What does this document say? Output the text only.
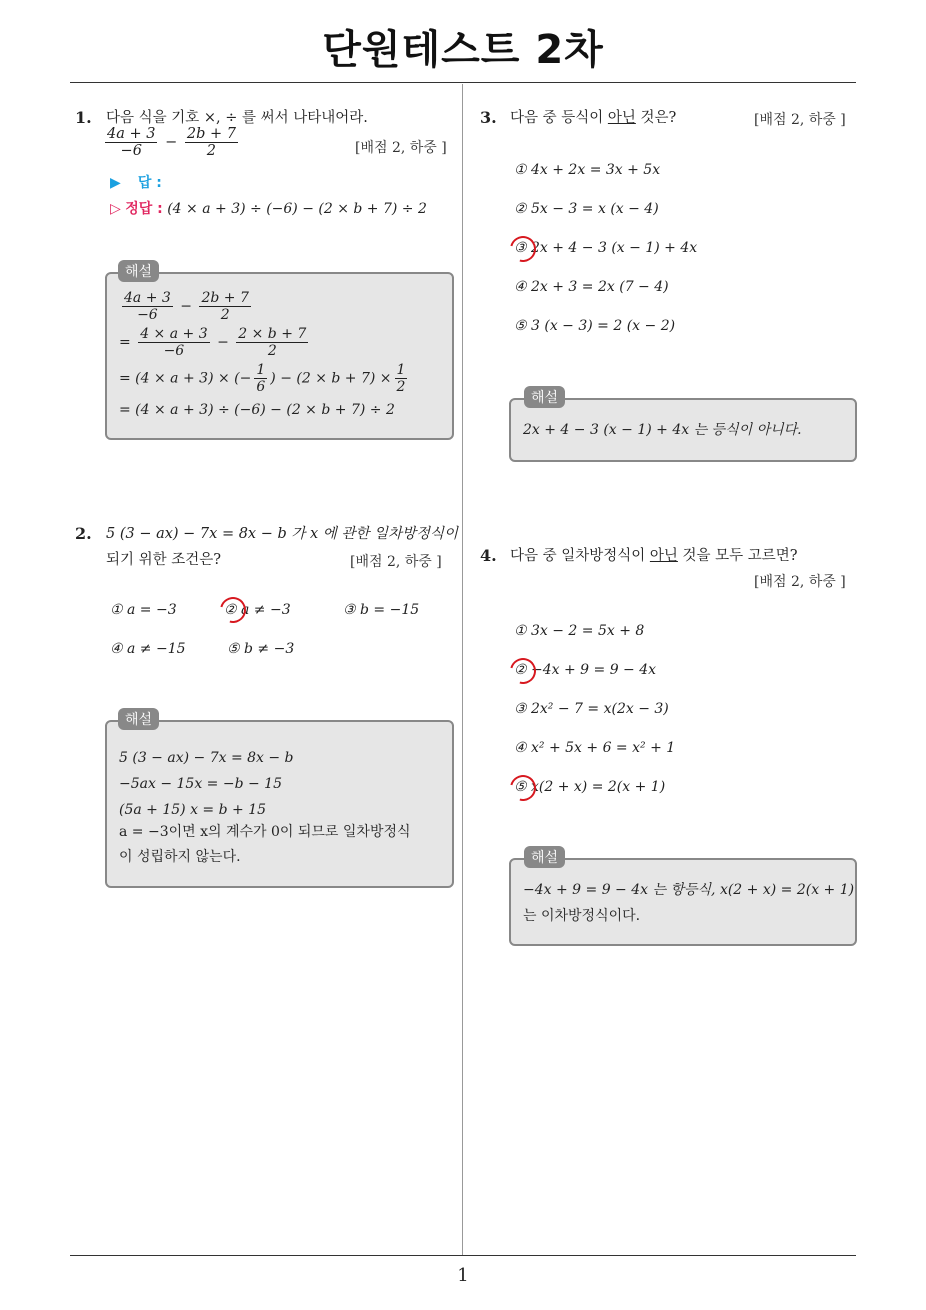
단원테스트 2차
1. 다음 식을 기호 ×, ÷ 를 써서 나타내어라.
$\frac{4a + 3}{-6} - \frac{2b + 7}{2}$	[배점 2, 하중 ]
▶ 답 :
▷ 정답 : (4 × a + 3) ÷ (−6) − (2 × b + 7) ÷ 2
$\frac{4a + 3}{-6} - \frac{2b + 7}{2}$
= $\frac{4 \times a + 3}{-6} - \frac{2 \times b + 7}{2}$
= (4 × a + 3) × (− $\frac{1}{6}$ ) − $(2 \times b + 7) \times \frac{1}{2}$
= (4 × a + 3) ÷ (−6) − (2 × b + 7) ÷ 2
해설
2. 5 (3 − ax) − 7x = 8x − b 가 x 에 관한 일차방정식이
되기 위한 조건은?	[배점 2, 하중 ]
① a = −3	② a ≠ −3	③ b = −15
④ a ≠ −15	⑤ b ≠ −3
5 (3 − ax) − 7x = 8x − b
−5ax − 15x = −b − 15
(5a + 15) x = b + 15
a = −3이면 x의 계수가 0이 되므로 일차방정식
이 성립하지 않는다.
해설
3. 다음 중 등식이 아닌 것은?	[배점 2, 하중 ]
① 4x + 2x = 3x + 5x
② 5x − 3 = x (x − 4)
③ 2x + 4 − 3 (x − 1) + 4x
④ 2x + 3 = 2x (7 − 4)
⑤ 3 (x − 3) = 2 (x − 2)
2x + 4 − 3 (x − 1) + 4x 는 등식이 아니다.
해설
4. 다음 중 일차방정식이 아닌 것을 모두 고르면?
[배점 2, 하중 ]
① 3x − 2 = 5x + 8
② −4x + 9 = 9 − 4x
③ 2x² − 7 = x(2x − 3)
④ x² + 5x + 6 = x² + 1
⑤ x(2 + x) = 2(x + 1)
−4x + 9 = 9 − 4x 는 항등식, x(2 + x) = 2(x + 1)
는 이차방정식이다.
해설
1
